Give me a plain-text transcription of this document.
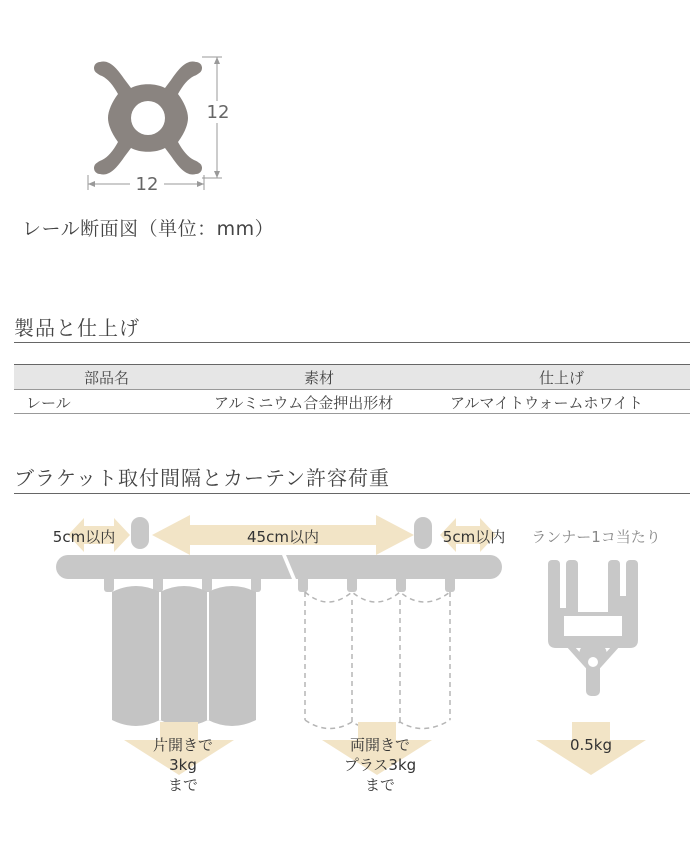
12
12
レール断面図（単位：mm）
製品と仕上げ
部品名	素材	仕上げ
レール	アルミニウム合金押出形材	アルマイトウォームホワイト
ブラケット取付間隔とカーテン許容荷重
5cm以内	45cm以内	5cm以内
片開きで
3kg
まで
両開きで
プラス3kg
まで
0.5kg
ランナー1コ当たり
